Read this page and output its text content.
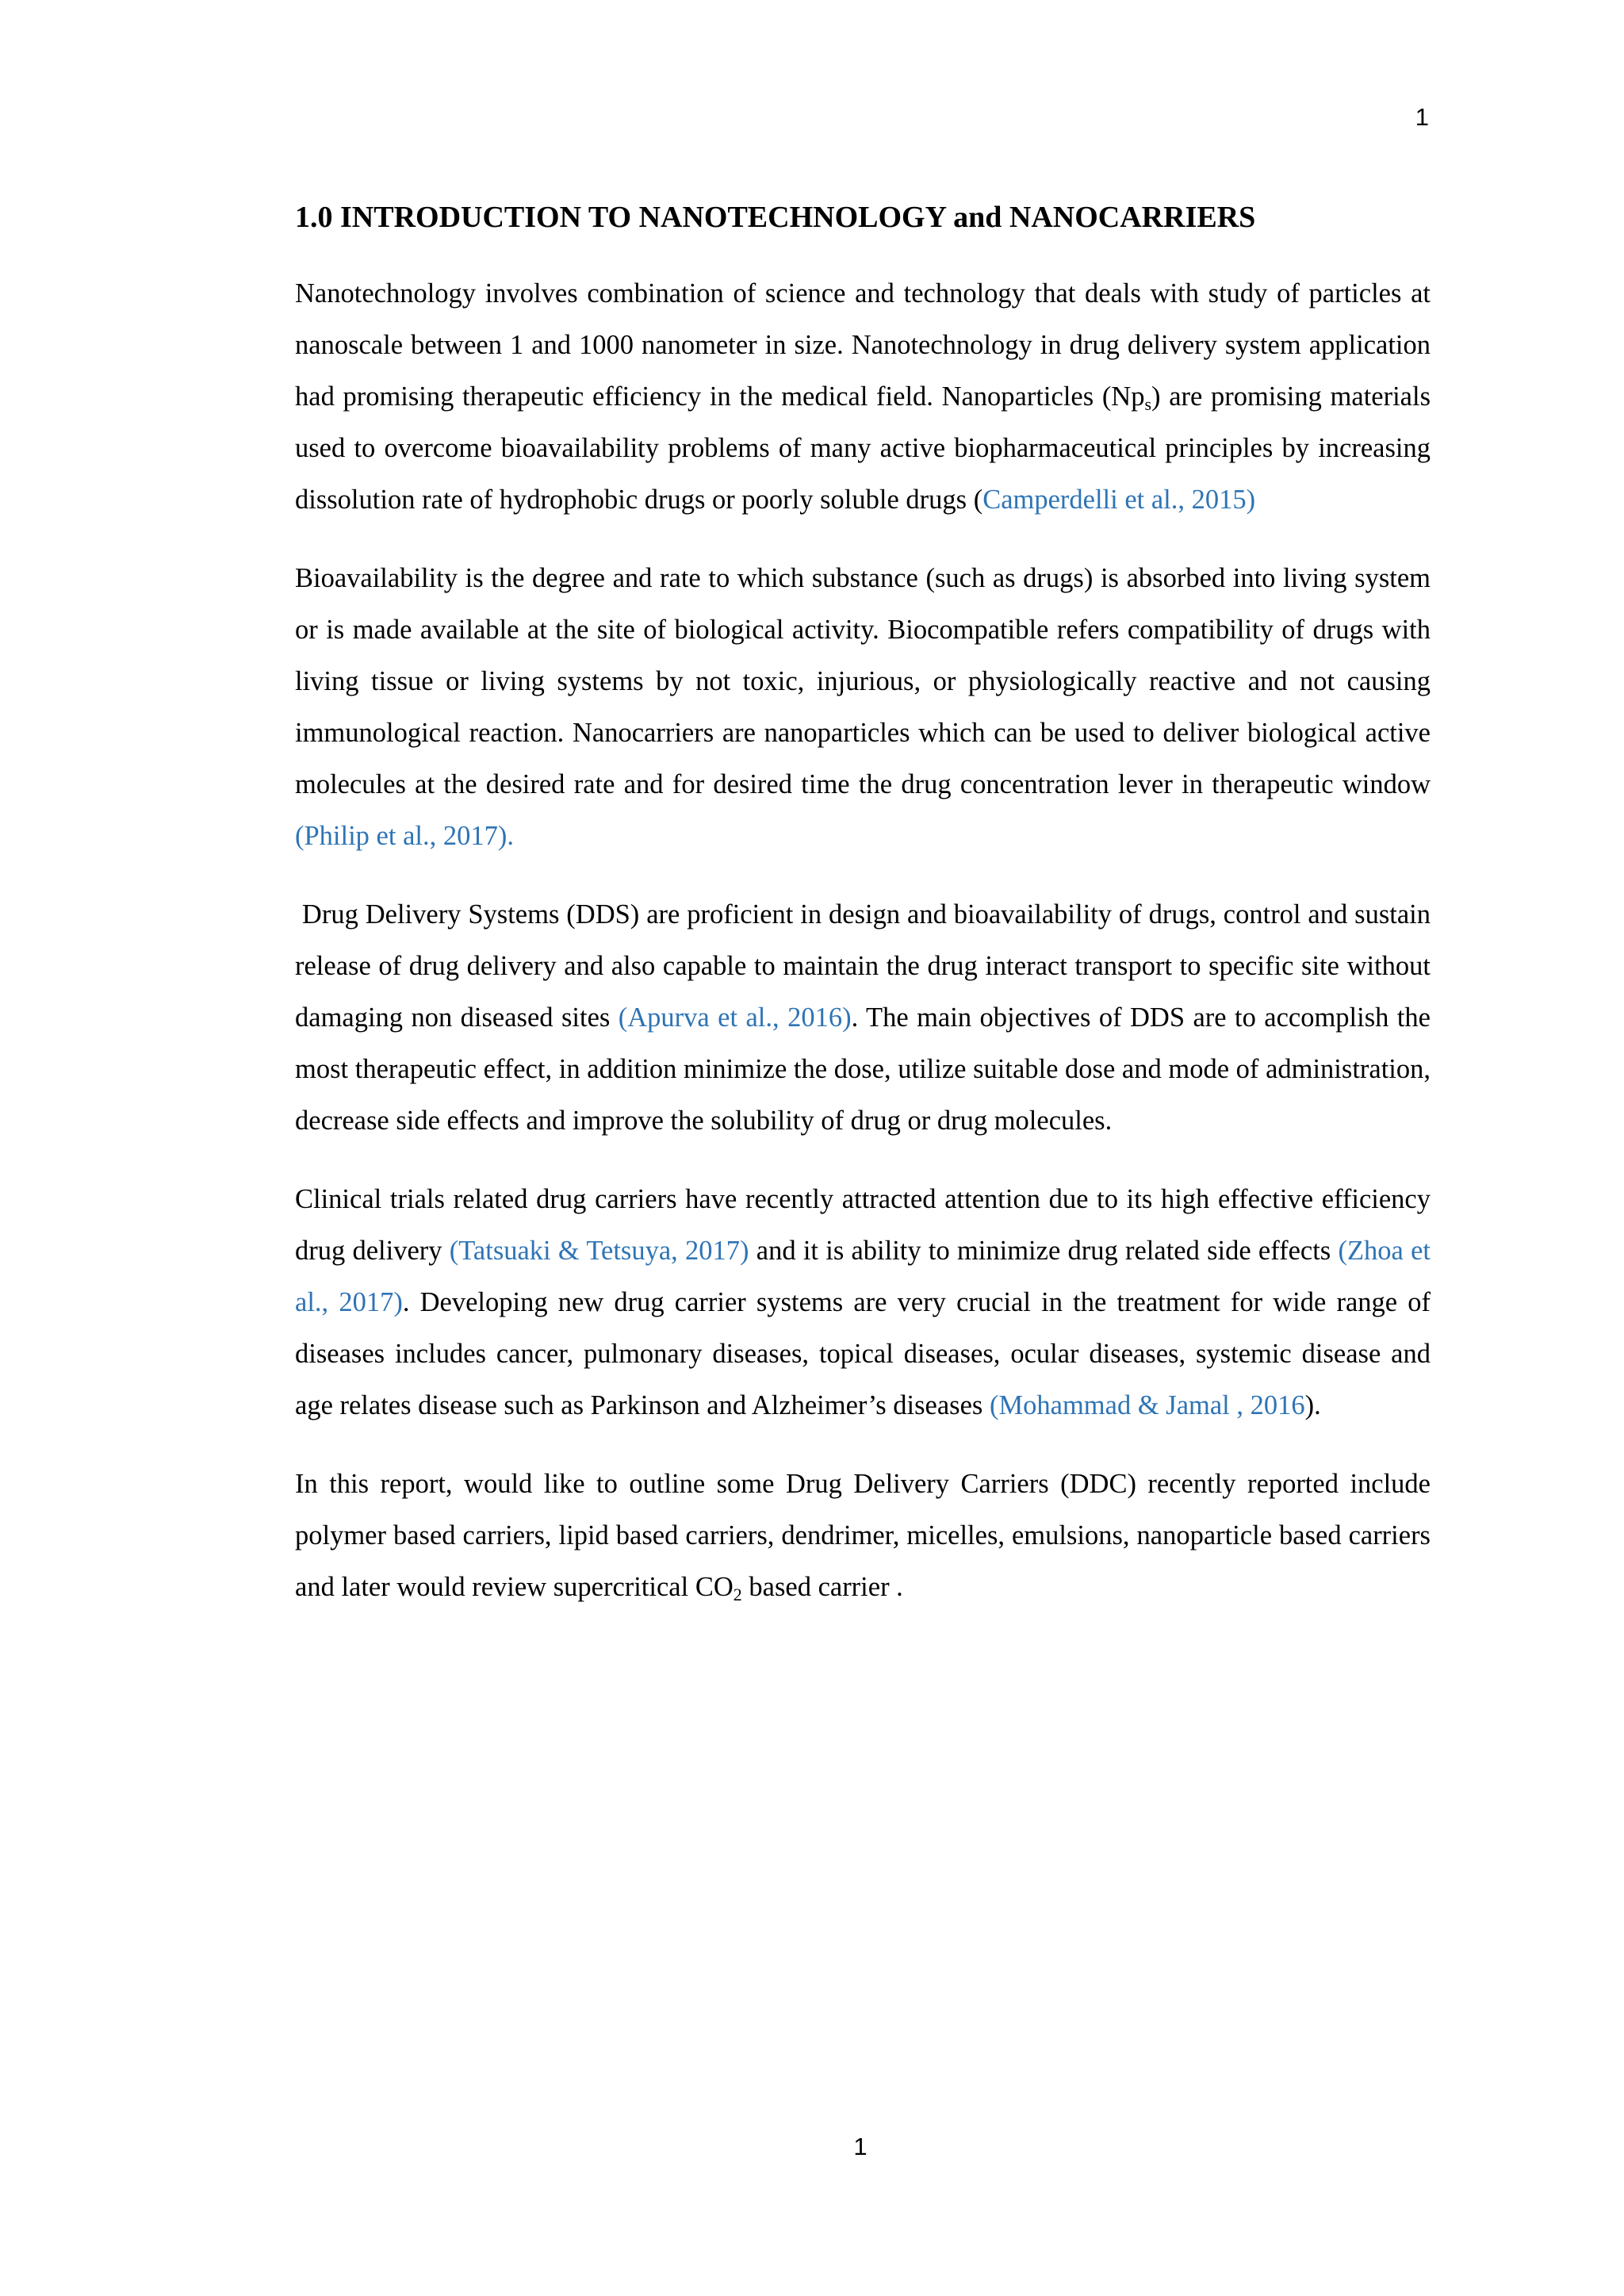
1
1.0 INTRODUCTION TO NANOTECHNOLOGY and NANOCARRIERS

Nanotechnology involves combination of science and technology that deals with study of particles at nanoscale between 1 and 1000 nanometer in size. Nanotechnology in drug delivery system application had promising therapeutic efficiency in the medical field. Nanoparticles $(Np_s)$ are promising materials used to overcome bioavailability problems of many active biopharmaceutical principles by increasing dissolution rate of hydrophobic drugs or poorly soluble drugs (Camperdelli et al., 2015)

Bioavailability is the degree and rate to which substance (such as drugs) is absorbed into living system or is made available at the site of biological activity. Biocompatible refers compatibility of drugs with living tissue or living systems by not toxic, injurious, or physiologically reactive and not causing immunological reaction. Nanocarriers are nanoparticles which can be used to deliver biological active molecules at the desired rate and for desired time the drug concentration lever in therapeutic window (Philip et al., 2017).

Drug Delivery Systems (DDS) are proficient in design and bioavailability of drugs, control and sustain release of drug delivery and also capable to maintain the drug interact transport to specific site without damaging non diseased sites (Apurva et al., 2016). The main objectives of DDS are to accomplish the most therapeutic effect, in addition minimize the dose, utilize suitable dose and mode of administration, decrease side effects and improve the solubility of drug or drug molecules.

Clinical trials related drug carriers have recently attracted attention due to its high effective efficiency drug delivery (Tatsuaki & Tetsuya, 2017) and it is ability to minimize drug related side effects (Zhoa et al., 2017). Developing new drug carrier systems are very crucial in the treatment for wide range of diseases includes cancer, pulmonary diseases, topical diseases, ocular diseases, systemic disease and age relates disease such as Parkinson and Alzheimer’s diseases (Mohammad & Jamal , 2016).

In this report, would like to outline some Drug Delivery Carriers (DDC) recently reported include polymer based carriers, lipid based carriers, dendrimer, micelles, emulsions, nanoparticle based carriers and later would review supercritical $CO_2$ based carrier .

1
